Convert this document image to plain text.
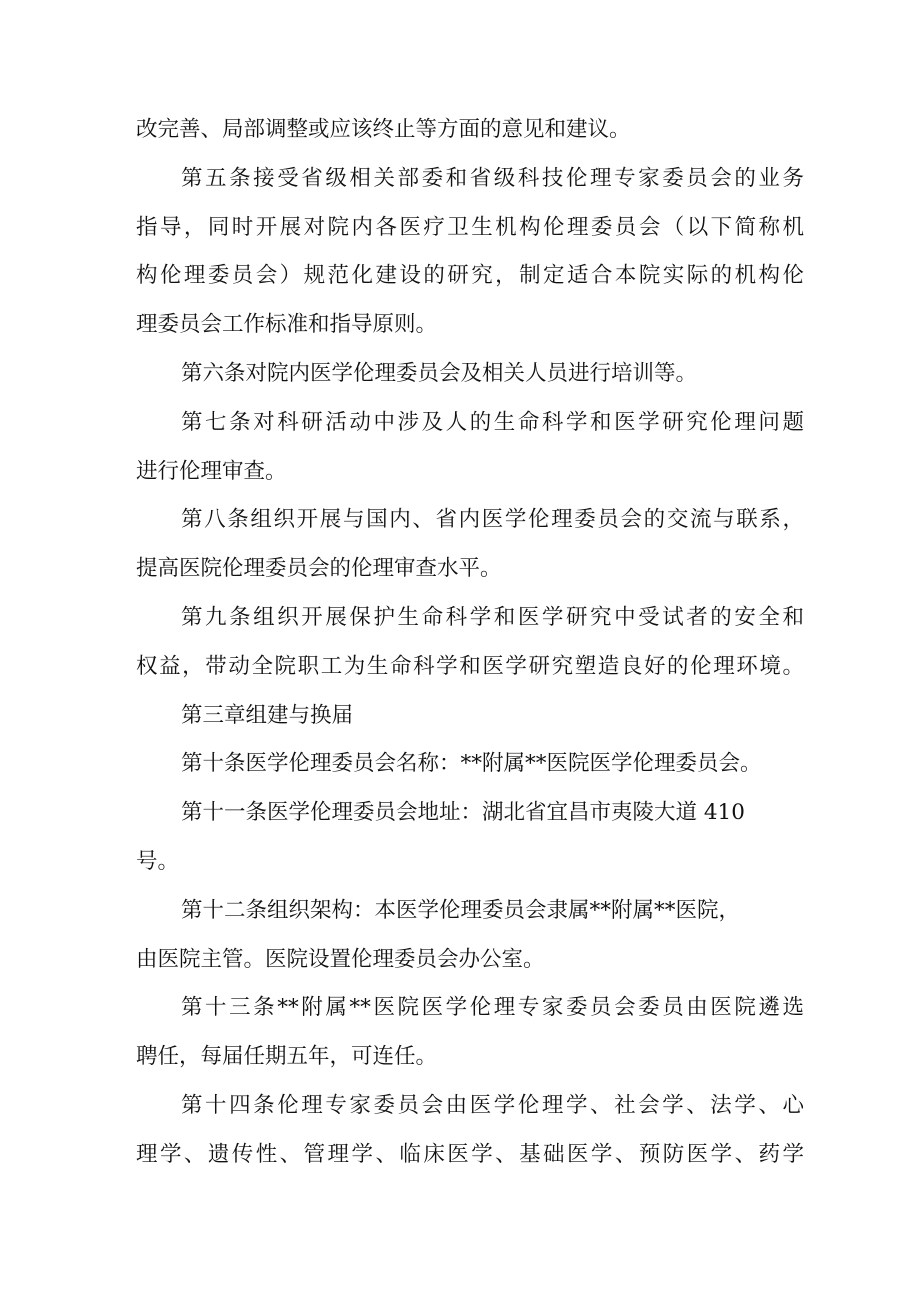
改完善、局部调整或应该终止等方面的意见和建议。
第五条接受省级相关部委和省级科技伦理专家委员会的业务
指导，同时开展对院内各医疗卫生机构伦理委员会（以下简称机
构伦理委员会）规范化建设的研究，制定适合本院实际的机构伦
理委员会工作标准和指导原则。
第六条对院内医学伦理委员会及相关人员进行培训等。
第七条对科研活动中涉及人的生命科学和医学研究伦理问题
进行伦理审查。
第八条组织开展与国内、省内医学伦理委员会的交流与联系，
提高医院伦理委员会的伦理审查水平。
第九条组织开展保护生命科学和医学研究中受试者的安全和
权益，带动全院职工为生命科学和医学研究塑造良好的伦理环境。
第三章组建与换届
第十条医学伦理委员会名称：**附属**医院医学伦理委员会。
第十一条医学伦理委员会地址：湖北省宜昌市夷陵大道 410
号。
第十二条组织架构：本医学伦理委员会隶属**附属**医院，
由医院主管。医院设置伦理委员会办公室。
第十三条**附属**医院医学伦理专家委员会委员由医院遴选
聘任，每届任期五年，可连任。
第十四条伦理专家委员会由医学伦理学、社会学、法学、心
理学、遗传性、管理学、临床医学、基础医学、预防医学、药学
